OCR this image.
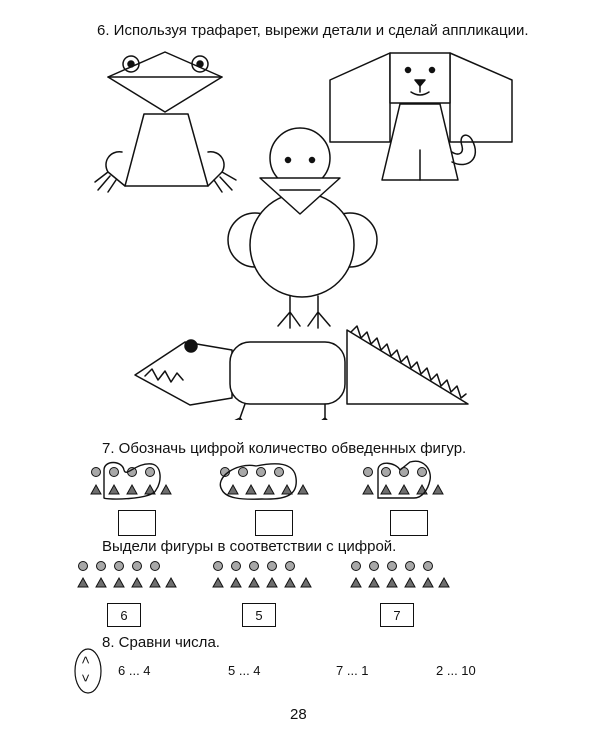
6. Используя трафарет, вырежи детали и сделай аппликации.
7. Обозначь цифрой количество обведенных фигур.
Выдели фигуры в соответствии с цифрой.
6	5	7
8. Сравни числа.
<
> 6 ... 4	5 ... 4	7 ... 1	2 ... 10
28
